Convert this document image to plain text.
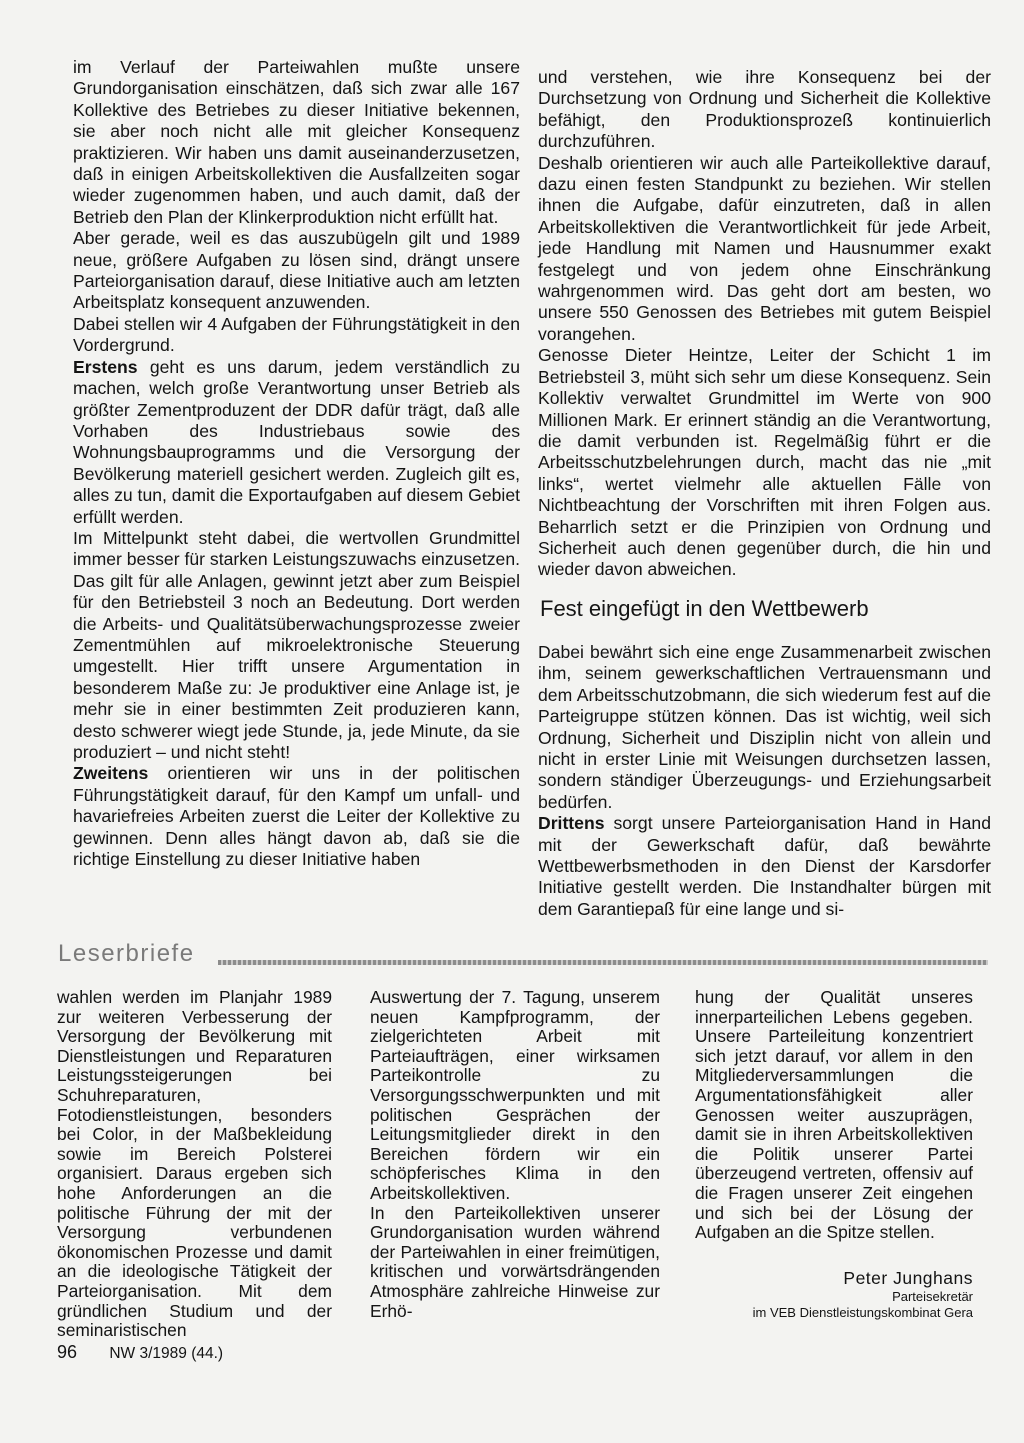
im Verlauf der Parteiwahlen mußte unsere Grundorganisation einschätzen, daß sich zwar alle 167 Kollektive des Betriebes zu dieser Initiative bekennen, sie aber noch nicht alle mit gleicher Konsequenz praktizieren. Wir haben uns damit auseinanderzusetzen, daß in einigen Arbeitskollektiven die Ausfallzeiten sogar wieder zugenommen haben, und auch damit, daß der Betrieb den Plan der Klinkerproduktion nicht erfüllt hat.

Aber gerade, weil es das auszubügeln gilt und 1989 neue, größere Aufgaben zu lösen sind, drängt unsere Parteiorganisation darauf, diese Initiative auch am letzten Arbeitsplatz konsequent anzuwenden.

Dabei stellen wir 4 Aufgaben der Führungstätigkeit in den Vordergrund.

Erstens geht es uns darum, jedem verständlich zu machen, welch große Verantwortung unser Betrieb als größter Zementproduzent der DDR dafür trägt, daß alle Vorhaben des Industriebaus sowie des Wohnungsbauprogramms und die Versorgung der Bevölkerung materiell gesichert werden. Zugleich gilt es, alles zu tun, damit die Exportaufgaben auf diesem Gebiet erfüllt werden.

Im Mittelpunkt steht dabei, die wertvollen Grundmittel immer besser für starken Leistungszuwachs einzusetzen. Das gilt für alle Anlagen, gewinnt jetzt aber zum Beispiel für den Betriebsteil 3 noch an Bedeutung. Dort werden die Arbeits- und Qualitätsüberwachungsprozesse zweier Zementmühlen auf mikroelektronische Steuerung umgestellt. Hier trifft unsere Argumentation in besonderem Maße zu: Je produktiver eine Anlage ist, je mehr sie in einer bestimmten Zeit produzieren kann, desto schwerer wiegt jede Stunde, ja, jede Minute, da sie produziert – und nicht steht!

Zweitens orientieren wir uns in der politischen Führungstätigkeit darauf, für den Kampf um unfall- und havariefreies Arbeiten zuerst die Leiter der Kollektive zu gewinnen. Denn alles hängt davon ab, daß sie die richtige Einstellung zu dieser Initiative haben

und verstehen, wie ihre Konsequenz bei der Durchsetzung von Ordnung und Sicherheit die Kollektive befähigt, den Produktionsprozeß kontinuierlich durchzuführen.

Deshalb orientieren wir auch alle Parteikollektive darauf, dazu einen festen Standpunkt zu beziehen. Wir stellen ihnen die Aufgabe, dafür einzutreten, daß in allen Arbeitskollektiven die Verantwortlichkeit für jede Arbeit, jede Handlung mit Namen und Hausnummer exakt festgelegt und von jedem ohne Einschränkung wahrgenommen wird. Das geht dort am besten, wo unsere 550 Genossen des Betriebes mit gutem Beispiel vorangehen.

Genosse Dieter Heintze, Leiter der Schicht 1 im Betriebsteil 3, müht sich sehr um diese Konsequenz. Sein Kollektiv verwaltet Grundmittel im Werte von 900 Millionen Mark. Er erinnert ständig an die Verantwortung, die damit verbunden ist. Regelmäßig führt er die Arbeitsschutzbelehrungen durch, macht das nie „mit links“, wertet vielmehr alle aktuellen Fälle von Nichtbeachtung der Vorschriften mit ihren Folgen aus. Beharrlich setzt er die Prinzipien von Ordnung und Sicherheit auch denen gegenüber durch, die hin und wieder davon abweichen.

Fest eingefügt in den Wettbewerb

Dabei bewährt sich eine enge Zusammenarbeit zwischen ihm, seinem gewerkschaftlichen Vertrauensmann und dem Arbeitsschutzobmann, die sich wiederum fest auf die Parteigruppe stützen können. Das ist wichtig, weil sich Ordnung, Sicherheit und Disziplin nicht von allein und nicht in erster Linie mit Weisungen durchsetzen lassen, sondern ständiger Überzeugungs- und Erziehungsarbeit bedürfen.

Drittens sorgt unsere Parteiorganisation Hand in Hand mit der Gewerkschaft dafür, daß bewährte Wettbewerbsmethoden in den Dienst der Karsdorfer Initiative gestellt werden. Die Instandhalter bürgen mit dem Garantiepaß für eine lange und si-

Leserbriefe

wahlen werden im Planjahr 1989 zur weiteren Verbesserung der Versorgung der Bevölkerung mit Dienstleistungen und Reparaturen Leistungssteigerungen bei Schuhreparaturen, Fotodienstleistungen, besonders bei Color, in der Maßbekleidung sowie im Bereich Polsterei organisiert. Daraus ergeben sich hohe Anforderungen an die politische Führung der mit der Versorgung verbundenen ökonomischen Prozesse und damit an die ideologische Tätigkeit der Parteiorganisation. Mit dem gründlichen Studium und der seminaristischen

Auswertung der 7. Tagung, unserem neuen Kampfprogramm, der zielgerichteten Arbeit mit Parteiaufträgen, einer wirksamen Parteikontrolle zu Versorgungsschwerpunkten und mit politischen Gesprächen der Leitungsmitglieder direkt in den Bereichen fördern wir ein schöpferisches Klima in den Arbeitskollektiven.

In den Parteikollektiven unserer Grundorganisation wurden während der Parteiwahlen in einer freimütigen, kritischen und vorwärtsdrängenden Atmosphäre zahlreiche Hinweise zur Erhö-

hung der Qualität unseres innerparteilichen Lebens gegeben. Unsere Parteileitung konzentriert sich jetzt darauf, vor allem in den Mitgliederversammlungen die Argumentationsfähigkeit aller Genossen weiter auszuprägen, damit sie in ihren Arbeitskollektiven die Politik unserer Partei überzeugend vertreten, offensiv auf die Fragen unserer Zeit eingehen und sich bei der Lösung der Aufgaben an die Spitze stellen.

Peter Junghans
Parteisekretär
im VEB Dienstleistungskombinat Gera
96 NW 3/1989 (44.)
